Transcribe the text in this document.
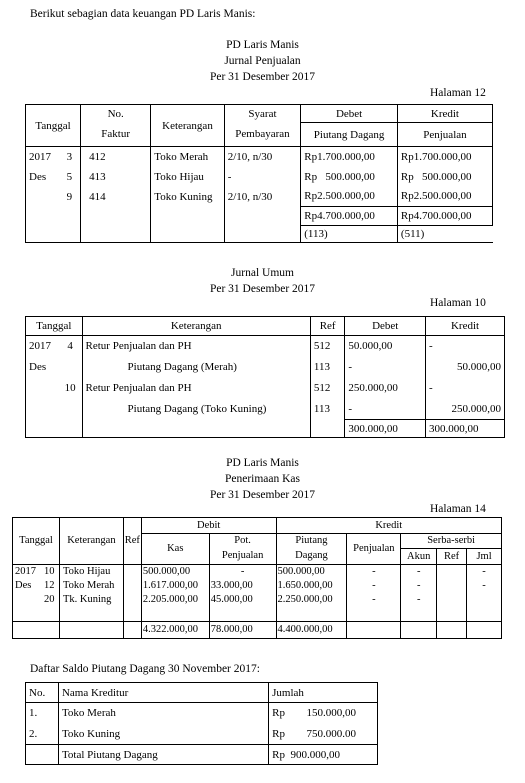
Berikut sebagian data keuangan PD Laris Manis:
PD Laris Manis
Jurnal Penjualan
Per 31 Desember 2017
Halaman 12
Tanggal		No.	Keterangan	Syarat	Debet	Kredit
		Faktur		Pembayaran	Piutang Dagang	Penjualan
2017	3	412	Toko Merah	2/10, n/30	Rp1.700.000,00	Rp1.700.000,00
Des	5	413	Toko Hijau	-	Rp   500.000,00	Rp   500.000,00
	9	414	Toko Kuning	2/10, n/30	Rp2.500.000,00	Rp2.500.000,00
					Rp4.700.000,00	Rp4.700.000,00
					(113)	(511)
Jurnal Umum
Per 31 Desember 2017
Halaman 10
Tanggal		Keterangan	Ref	Debet	Kredit
2017	4	Retur Penjualan dan PH	512	50.000,00	-
Des		Piutang Dagang (Merah)	113	-	50.000,00
	10	Retur Penjualan dan PH	512	250.000,00	-
		Piutang Dagang (Toko Kuning)	113	-	250.000,00
				300.000,00	300.000,00
PD Laris Manis
Penerimaan Kas
Per 31 Desember 2017
Halaman 14
Tanggal		Keterangan	Ref	Debit		Kredit				
				Kas	Pot.	Piutang	Penjualan	Serba-serbi		
					Penjualan	Dagang		Akun	Ref	Jml
2017	10	Toko Hijau		500.000,00	-	500.000,00	-	-		-
Des	12	Toko Merah		1.617.000,00	33.000,00	1.650.000,00	-	-		-
	20	Tk. Kuning		2.205.000,00	45.000,00	2.250.000,00	-	-		

				4.322.000,00	78.000,00	4.400.000,00				
Daftar Saldo Piutang Dagang 30 November 2017:
No.	Nama Kreditur	Jumlah
1.	Toko Merah	Rp 150.000,00

2.	Toko Kuning	Rp 750.000.00

	Total Piutang Dagang	Rp  900.000,00
